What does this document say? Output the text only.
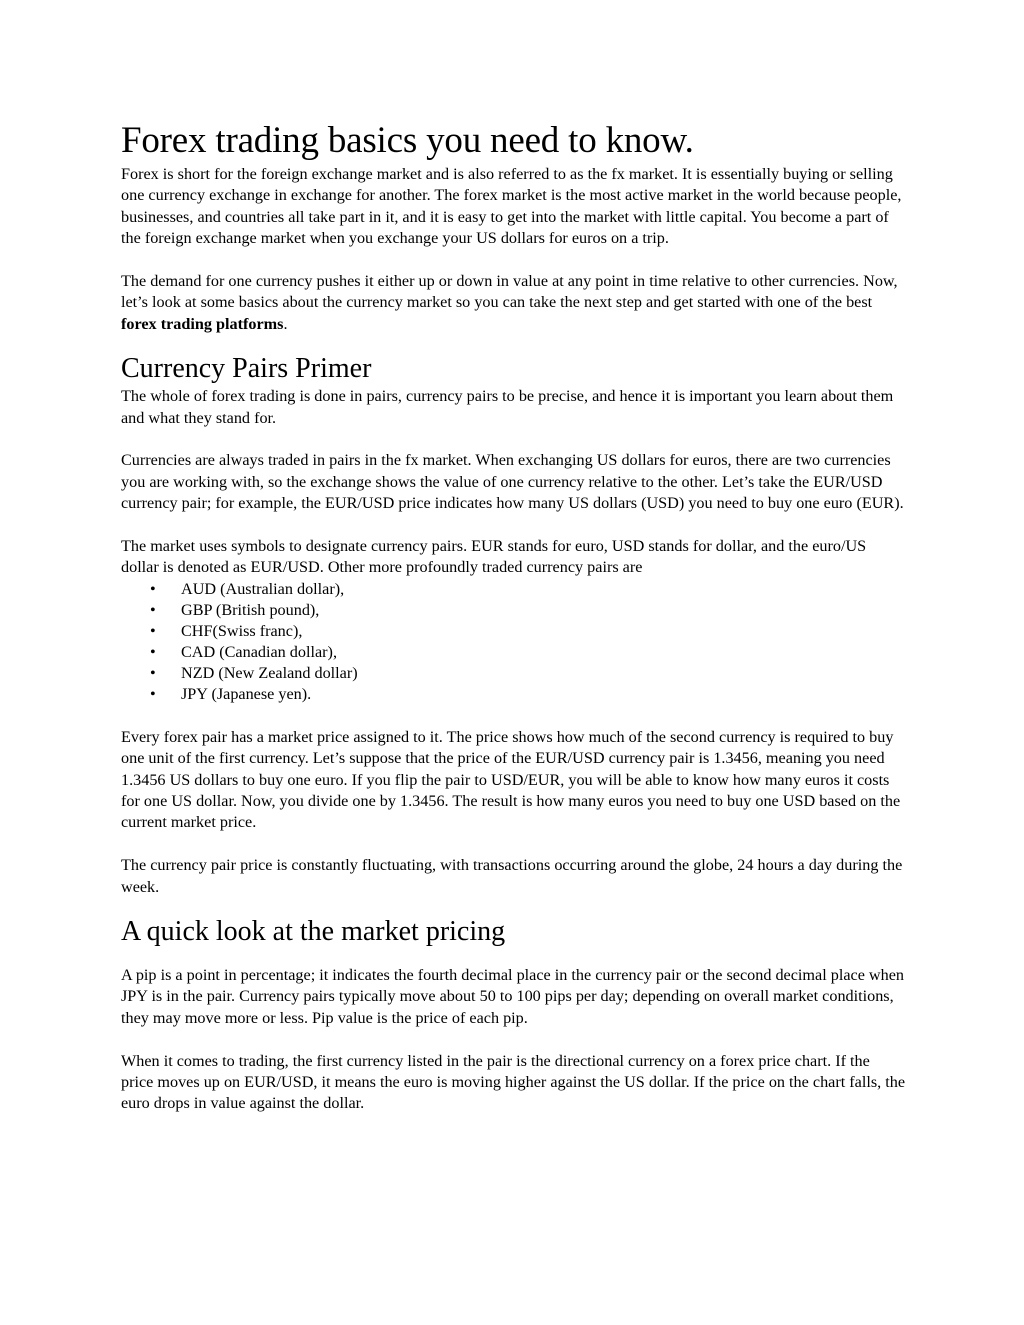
Forex trading basics you need to know.

Forex is short for the foreign exchange market and is also referred to as the fx market. It is essentially buying or selling one currency exchange in exchange for another. The forex market is the most active market in the world because people, businesses, and countries all take part in it, and it is easy to get into the market with little capital. You become a part of the foreign exchange market when you exchange your US dollars for euros on a trip.

The demand for one currency pushes it either up or down in value at any point in time relative to other currencies. Now, let’s look at some basics about the currency market so you can take the next step and get started with one of the best forex trading platforms.

Currency Pairs Primer

The whole of forex trading is done in pairs, currency pairs to be precise, and hence it is important you learn about them and what they stand for.

Currencies are always traded in pairs in the fx market. When exchanging US dollars for euros, there are two currencies you are working with, so the exchange shows the value of one currency relative to the other. Let’s take the EUR/USD currency pair; for example, the EUR/USD price indicates how many US dollars (USD) you need to buy one euro (EUR).

The market uses symbols to designate currency pairs. EUR stands for euro, USD stands for dollar, and the euro/US dollar is denoted as EUR/USD. Other more profoundly traded currency pairs are

• AUD (Australian dollar),
• GBP (British pound),
• CHF(Swiss franc),
• CAD (Canadian dollar),
• NZD (New Zealand dollar)
• JPY (Japanese yen).

Every forex pair has a market price assigned to it. The price shows how much of the second currency is required to buy one unit of the first currency. Let’s suppose that the price of the EUR/USD currency pair is 1.3456, meaning you need 1.3456 US dollars to buy one euro. If you flip the pair to USD/EUR, you will be able to know how many euros it costs for one US dollar. Now, you divide one by 1.3456. The result is how many euros you need to buy one USD based on the current market price.

The currency pair price is constantly fluctuating, with transactions occurring around the globe, 24 hours a day during the week.

A quick look at the market pricing

A pip is a point in percentage; it indicates the fourth decimal place in the currency pair or the second decimal place when JPY is in the pair. Currency pairs typically move about 50 to 100 pips per day; depending on overall market conditions, they may move more or less. Pip value is the price of each pip.

When it comes to trading, the first currency listed in the pair is the directional currency on a forex price chart. If the price moves up on EUR/USD, it means the euro is moving higher against the US dollar. If the price on the chart falls, the euro drops in value against the dollar.
